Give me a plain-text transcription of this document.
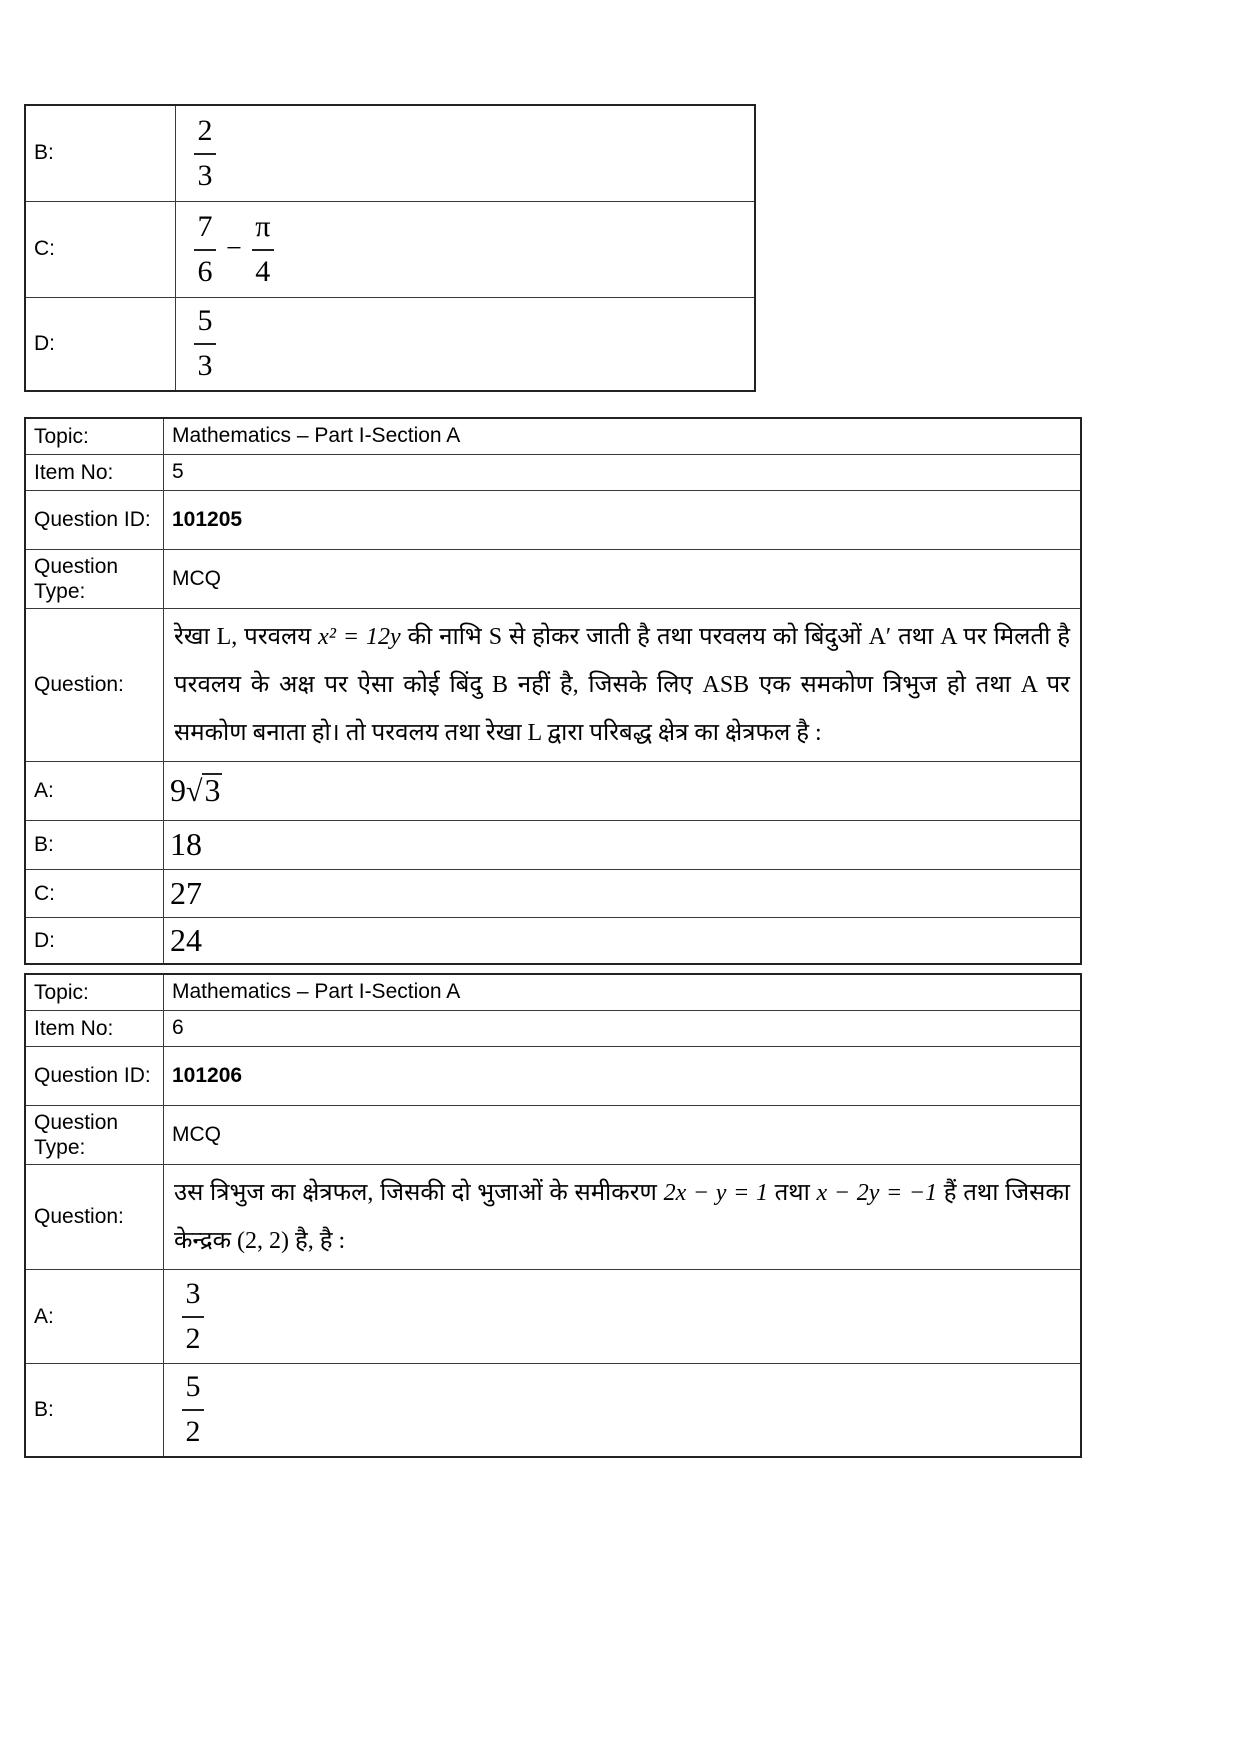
B:	$\frac{2}{3}$

C:	$\frac{7}{6} - \frac{\pi}{4}$

D:	$\frac{5}{3}$
Topic:	Mathematics – Part I-Section A
Item No:	5
Question ID:	101205
Question Type:	MCQ
Question:	रेखा L, परवलय x² = 12y की नाभि S से होकर जाती है तथा परवलय को बिंदुओं A′ तथा A पर मिलती है परवलय के अक्ष पर ऐसा कोई बिंदु B नहीं है, जिसके लिए ASB एक समकोण त्रिभुज हो तथा A पर समकोण बनाता हो। तो परवलय तथा रेखा L द्वारा परिबद्ध क्षेत्र का क्षेत्रफल है :
A:	9√3
B:	18
C:	27
D:	24
Topic:	Mathematics – Part I-Section A
Item No:	6
Question ID:	101206
Question Type:	MCQ
Question:	उस त्रिभुज का क्षेत्रफल, जिसकी दो भुजाओं के समीकरण 2x − y = 1 तथा x − 2y = −1 हैं तथा जिसका केन्द्रक (2, 2) है, है :
A:	$\frac{3}{2}$

B:	$\frac{5}{2}$
